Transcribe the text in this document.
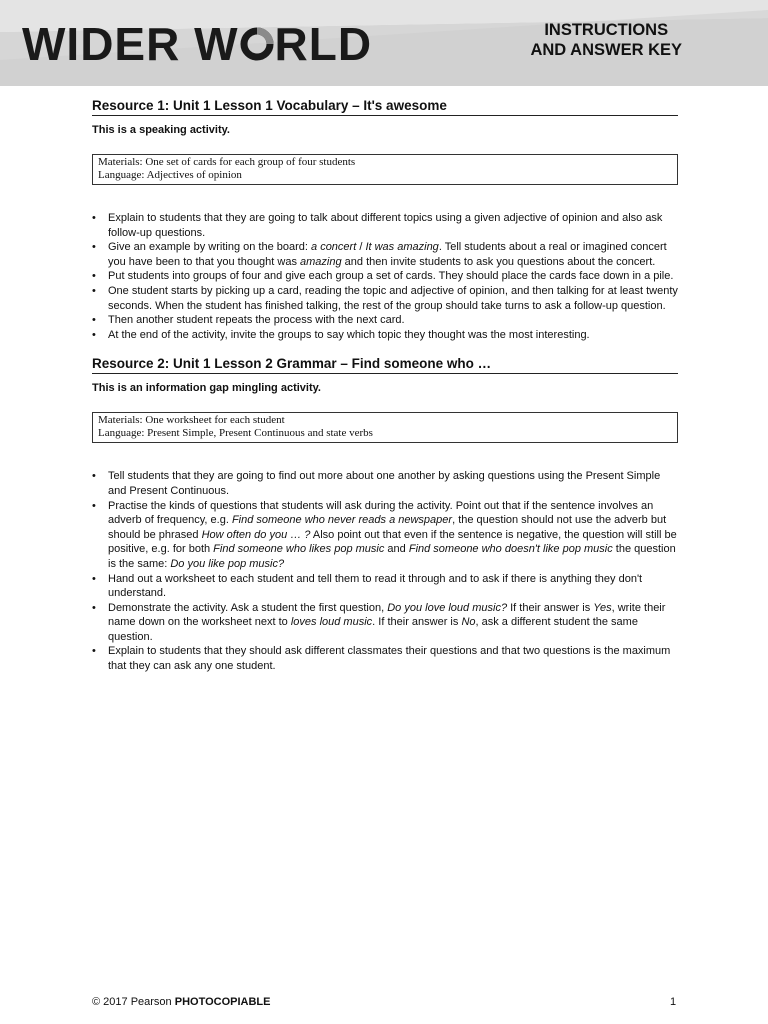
WIDER W RLD	INSTRUCTIONS
AND ANSWER KEY
Resource 1: Unit 1 Lesson 1 Vocabulary – It's awesome
This is a speaking activity.
Materials: One set of cards for each group of four students
Language: Adjectives of opinion
• Explain to students that they are going to talk about different topics using a given adjective of opinion and also ask follow-up questions.
• Give an example by writing on the board: a concert / It was amazing. Tell students about a real or imagined concert you have been to that you thought was amazing and then invite students to ask you questions about the concert.
• Put students into groups of four and give each group a set of cards. They should place the cards face down in a pile.
• One student starts by picking up a card, reading the topic and adjective of opinion, and then talking for at least twenty seconds. When the student has finished talking, the rest of the group should take turns to ask a follow-up question.
• Then another student repeats the process with the next card.
• At the end of the activity, invite the groups to say which topic they thought was the most interesting.
Resource 2: Unit 1 Lesson 2 Grammar – Find someone who …
This is an information gap mingling activity.
Materials: One worksheet for each student
Language: Present Simple, Present Continuous and state verbs
• Tell students that they are going to find out more about one another by asking questions using the Present Simple and Present Continuous.
• Practise the kinds of questions that students will ask during the activity. Point out that if the sentence involves an adverb of frequency, e.g. Find someone who never reads a newspaper, the question should not use the adverb but should be phrased How often do you … ? Also point out that even if the sentence is negative, the question will still be positive, e.g. for both Find someone who likes pop music and Find someone who doesn't like pop music the question is the same: Do you like pop music?
• Hand out a worksheet to each student and tell them to read it through and to ask if there is anything they don't understand.
• Demonstrate the activity. Ask a student the first question, Do you love loud music? If their answer is Yes, write their name down on the worksheet next to loves loud music. If their answer is No, ask a different student the same question.
• Explain to students that they should ask different classmates their questions and that two questions is the maximum that they can ask any one student.
© 2017 Pearson PHOTOCOPIABLE	1
